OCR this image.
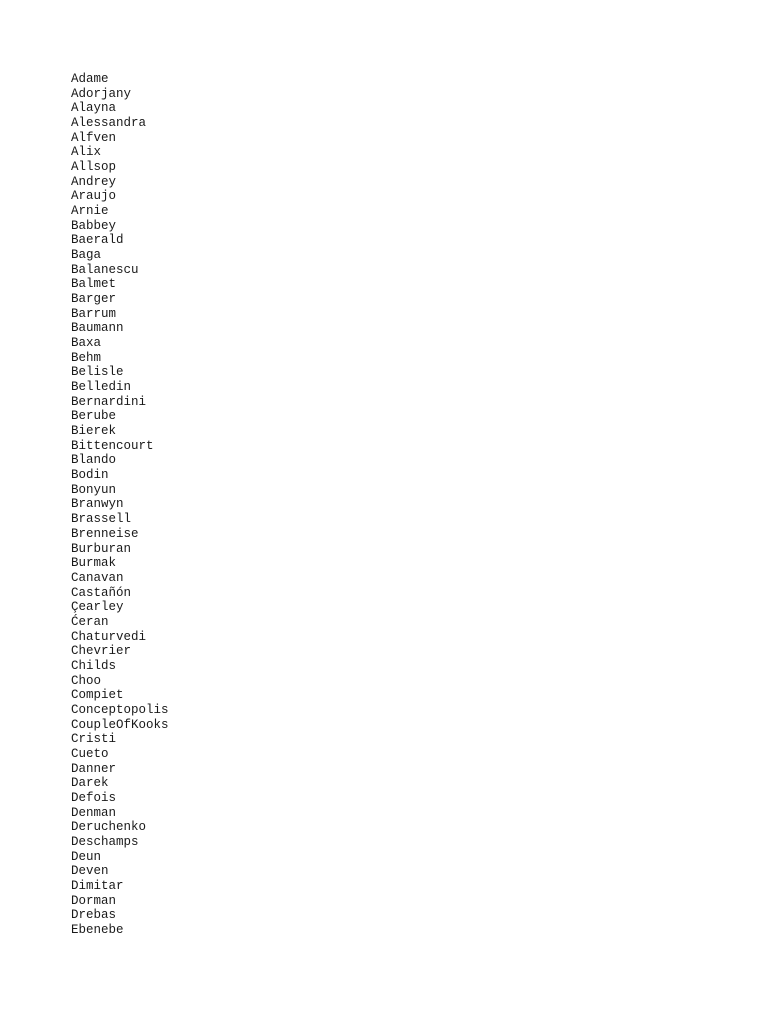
Adame
Adorjany
Alayna
Alessandra
Alfven
Alix
Allsop
Andrey
Araujo
Arnie
Babbey
Baerald
Baga
Balanescu
Balmet
Barger
Barrum
Baumann
Baxa
Behm
Belisle
Belledin
Bernardini
Berube
Bierek
Bittencourt
Blando
Bodin
Bonyun
Branwyn
Brassell
Brenneise
Burburan
Burmak
Canavan
Castañón
Çearley
Ćeran
Chaturvedi
Chevrier
Childs
Choo
Compiet
Conceptopolis
CoupleOfKooks
Cristi
Cueto
Danner
Darek
Defois
Denman
Deruchenko
Deschamps
Deun
Deven
Dimitar
Dorman
Drebas
Ebenebe
